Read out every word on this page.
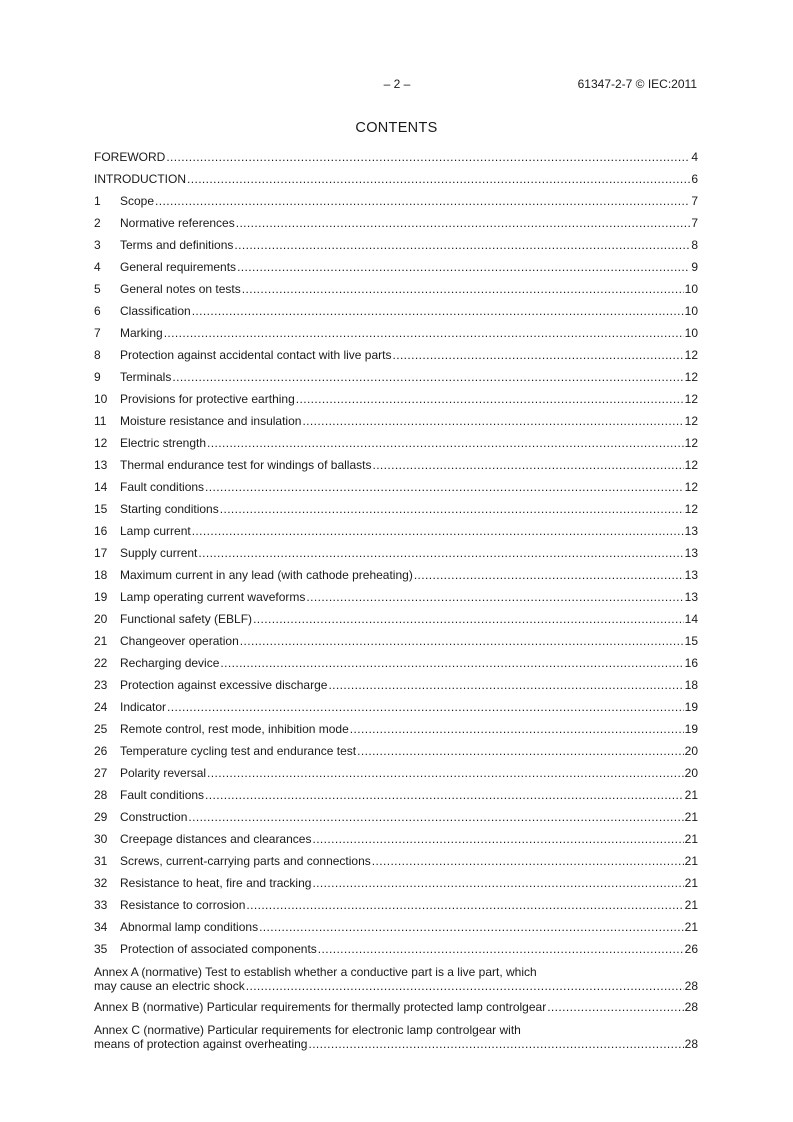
– 2 –	61347-2-7 © IEC:2011
CONTENTS
FOREWORD .....	4
INTRODUCTION .....	6
1	Scope .....	7
2	Normative references .....	7
3	Terms and definitions .....	8
4	General requirements .....	9
5	General notes on tests .....	10
6	Classification .....	10
7	Marking .....	10
8	Protection against accidental contact with live parts .....	12
9	Terminals .....	12
10	Provisions for protective earthing .....	12
11	Moisture resistance and insulation .....	12
12	Electric strength .....	12
13	Thermal endurance test for windings of ballasts .....	12
14	Fault conditions .....	12
15	Starting conditions .....	12
16	Lamp current .....	13
17	Supply current .....	13
18	Maximum current in any lead (with cathode preheating) .....	13
19	Lamp operating current waveforms .....	13
20	Functional safety (EBLF) .....	14
21	Changeover operation .....	15
22	Recharging device .....	16
23	Protection against excessive discharge .....	18
24	Indicator .....	19
25	Remote control, rest mode, inhibition mode .....	19
26	Temperature cycling test and endurance test .....	20
27	Polarity reversal .....	20
28	Fault conditions .....	21
29	Construction .....	21
30	Creepage distances and clearances .....	21
31	Screws, current-carrying parts and connections .....	21
32	Resistance to heat, fire and tracking .....	21
33	Resistance to corrosion .....	21
34	Abnormal lamp conditions .....	21
35	Protection of associated components .....	26
Annex A (normative) Test to establish whether a conductive part is a live part, which
may cause an electric shock .....	28
Annex B (normative) Particular requirements for thermally protected lamp controlgear .....	28
Annex C (normative) Particular requirements for electronic lamp controlgear with
means of protection against overheating .....	28
